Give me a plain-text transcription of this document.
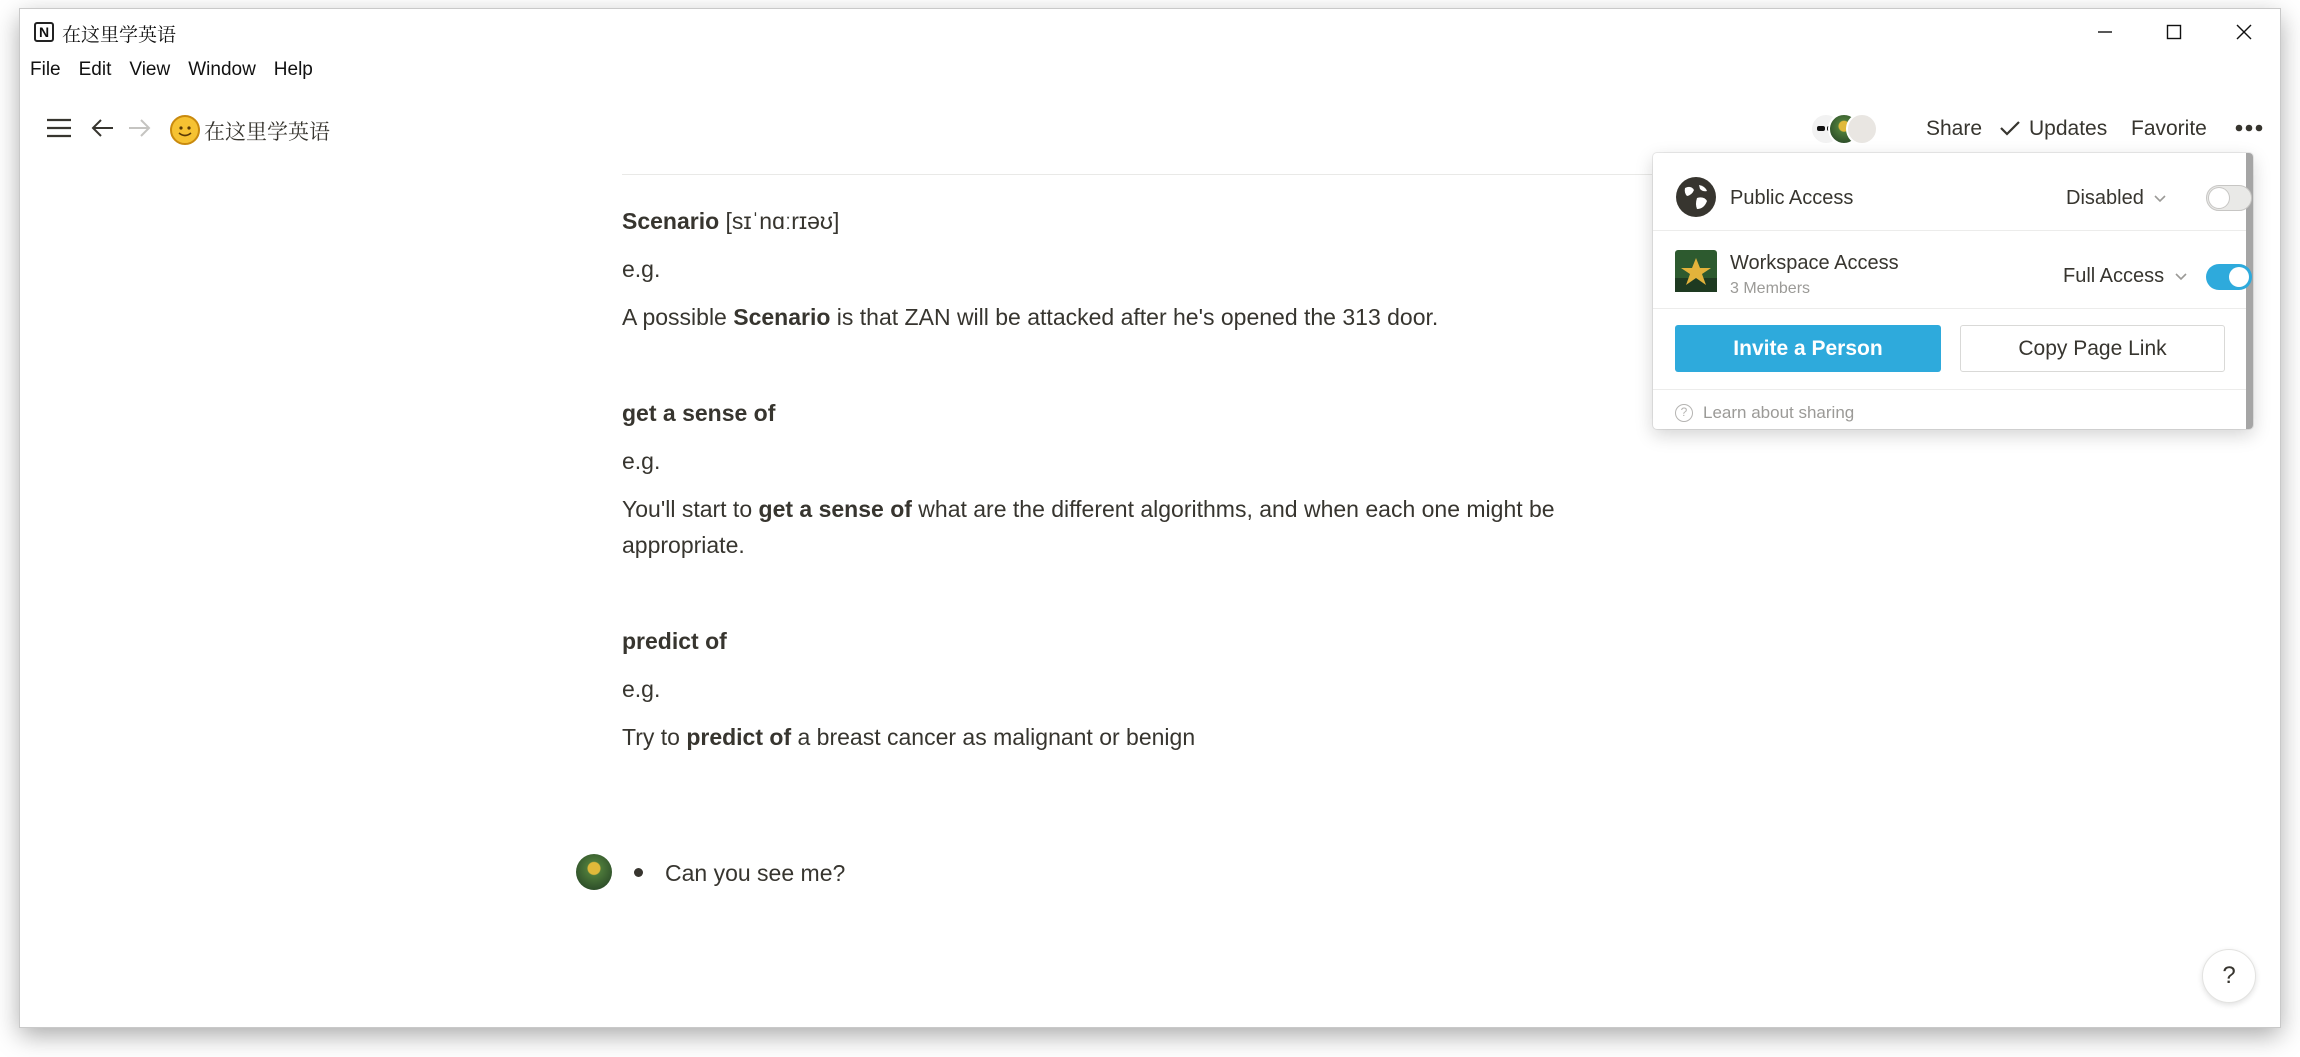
N 在这里学英语
File Edit View Window Help
在这里学英语	Share Updates Favorite
Scenario [sɪˈnɑːrɪəʊ]
e.g.
A possible Scenario is that ZAN will be attacked after he's opened the 313 door.
get a sense of
e.g.
You'll start to get a sense of what are the different algorithms, and when each one might be
appropriate.
predict of
e.g.
Try to predict of a breast cancer as malignant or benign
Can you see me?
?
Public Access	Disabled
Workspace Access
3 Members
Full Access
Invite a Person	Copy Page Link
? Learn about sharing
